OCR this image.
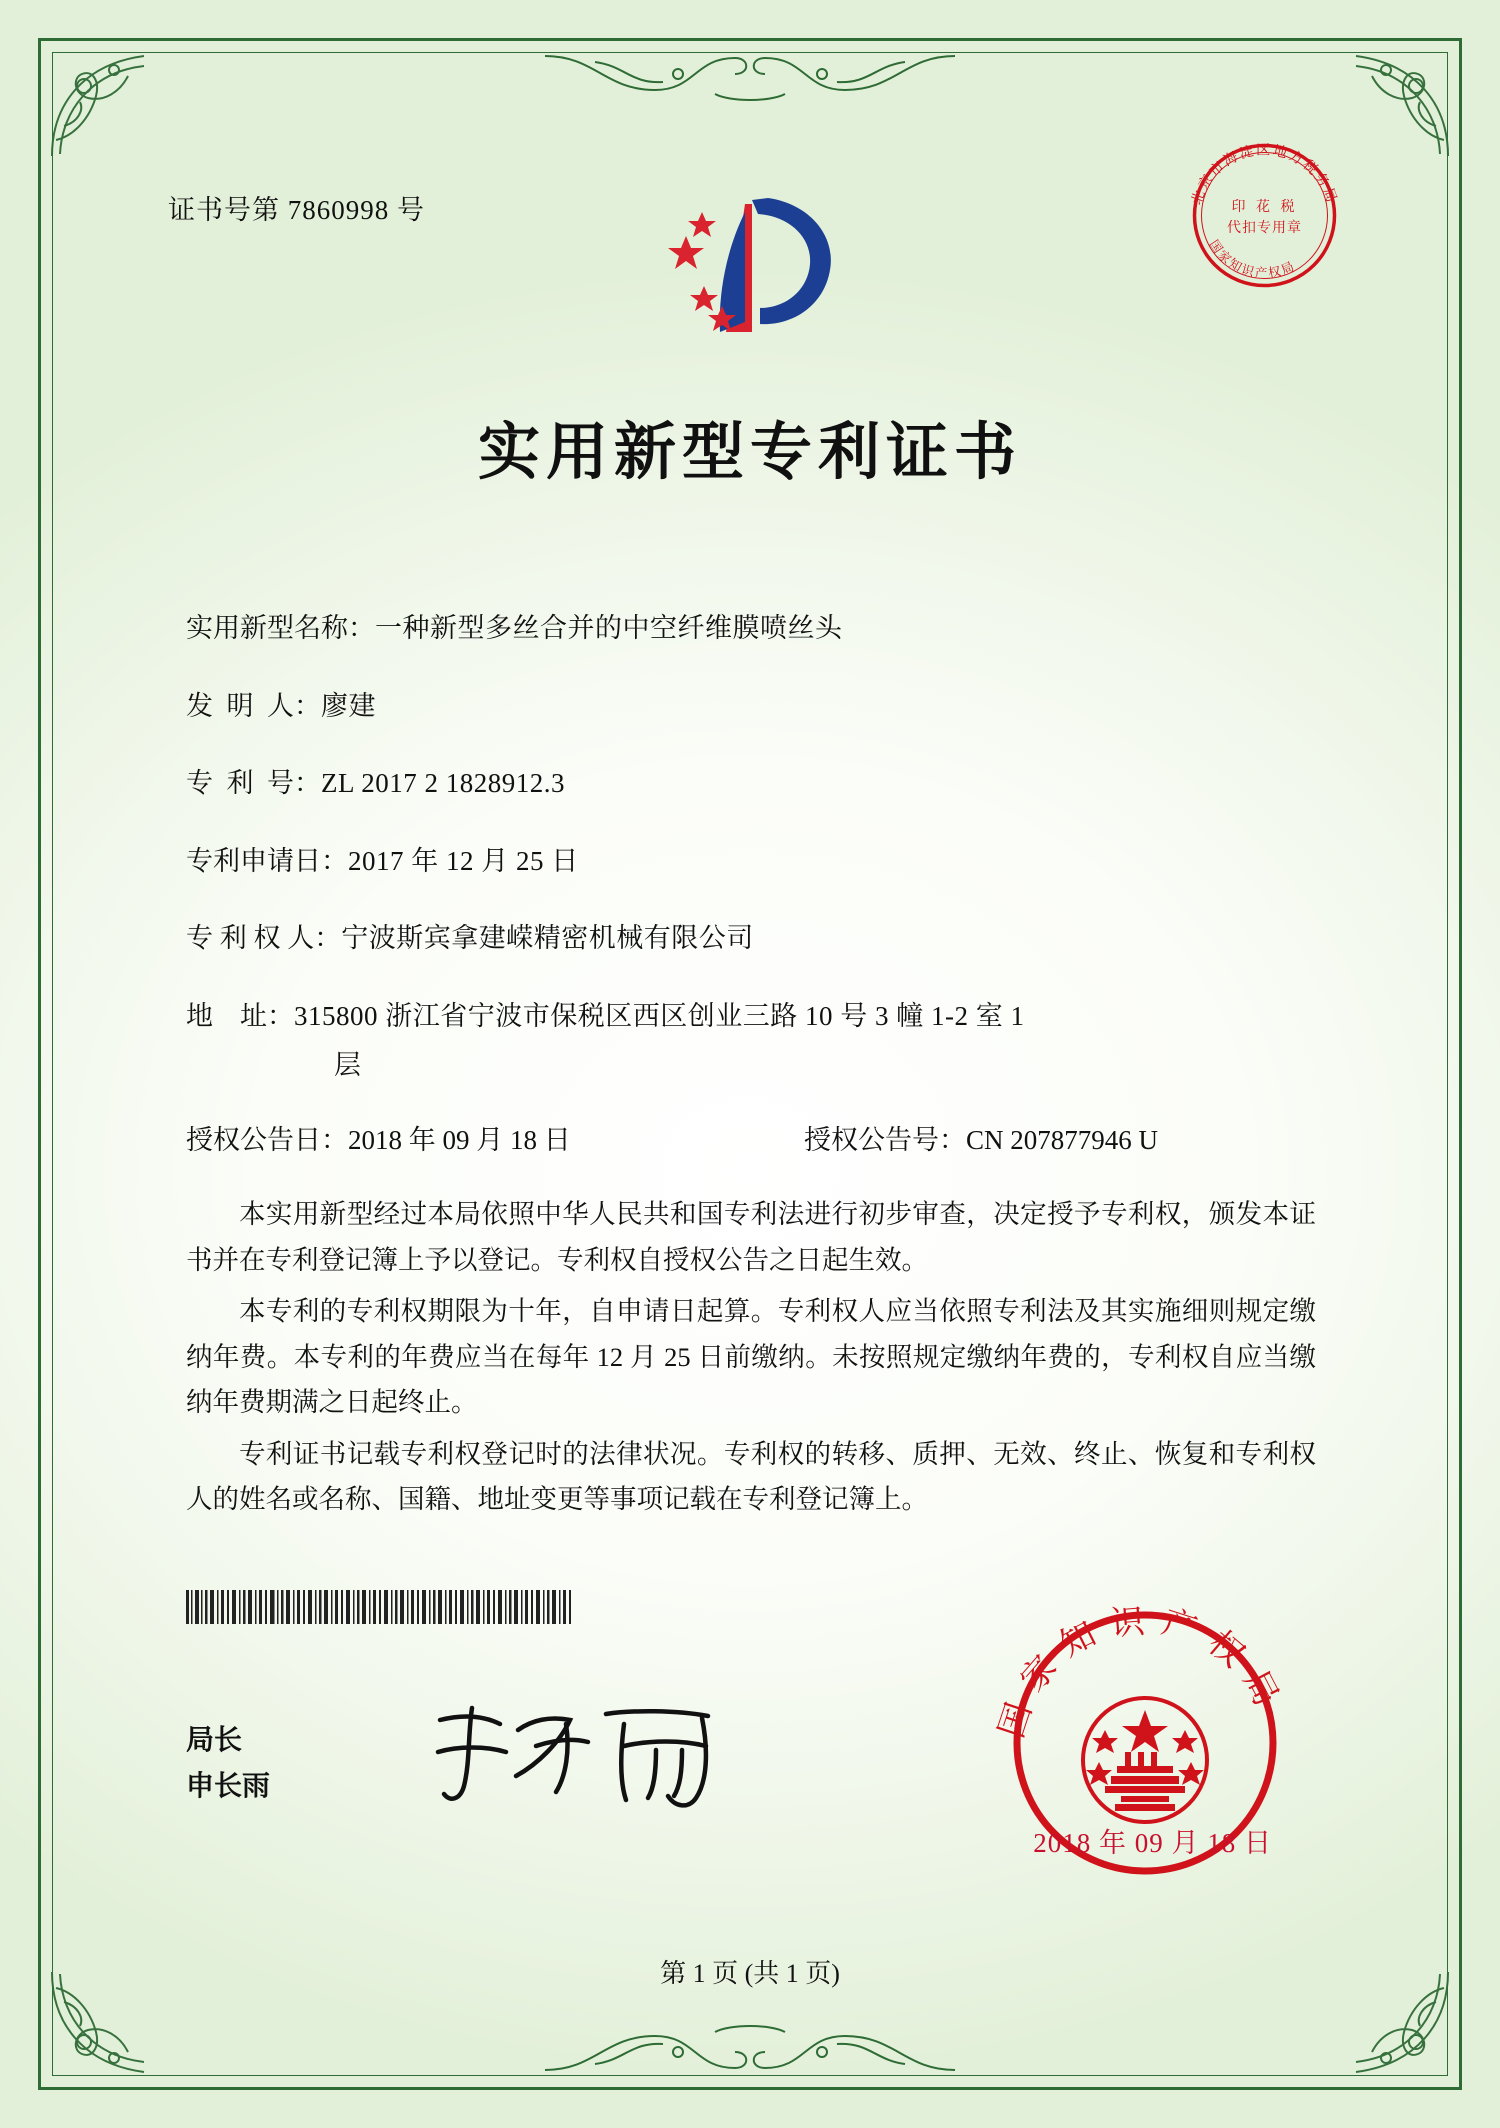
证书号第 7860998 号	北京市海淀区地方税务局
国家知识产权局
印 花 税
代扣专用章
实用新型专利证书
实用新型名称： 一种新型多丝合并的中空纤维膜喷丝头
发  明  人： 廖建
专  利  号： ZL 2017 2 1828912.3
专利申请日： 2017 年 12 月 25 日
专 利 权 人： 宁波斯宾拿建嵘精密机械有限公司
地    址： 315800 浙江省宁波市保税区西区创业三路 10 号 3 幢 1-2 室 1
层
授权公告日：2018 年 09 月 18 日	授权公告号：CN 207877946 U

本实用新型经过本局依照中华人民共和国专利法进行初步审查，决定授予专利权，颁发本证书并在专利登记簿上予以登记。专利权自授权公告之日起生效。

本专利的专利权期限为十年，自申请日起算。专利权人应当依照专利法及其实施细则规定缴纳年费。本专利的年费应当在每年 12 月 25 日前缴纳。未按照规定缴纳年费的，专利权自应当缴纳年费期满之日起终止。

专利证书记载专利权登记时的法律状况。专利权的转移、质押、无效、终止、恢复和专利权人的姓名或名称、国籍、地址变更等事项记载在专利登记簿上。

局长
申长雨
国家知识产权局
2018 年 09 月 18 日
第 1 页 (共 1 页)
